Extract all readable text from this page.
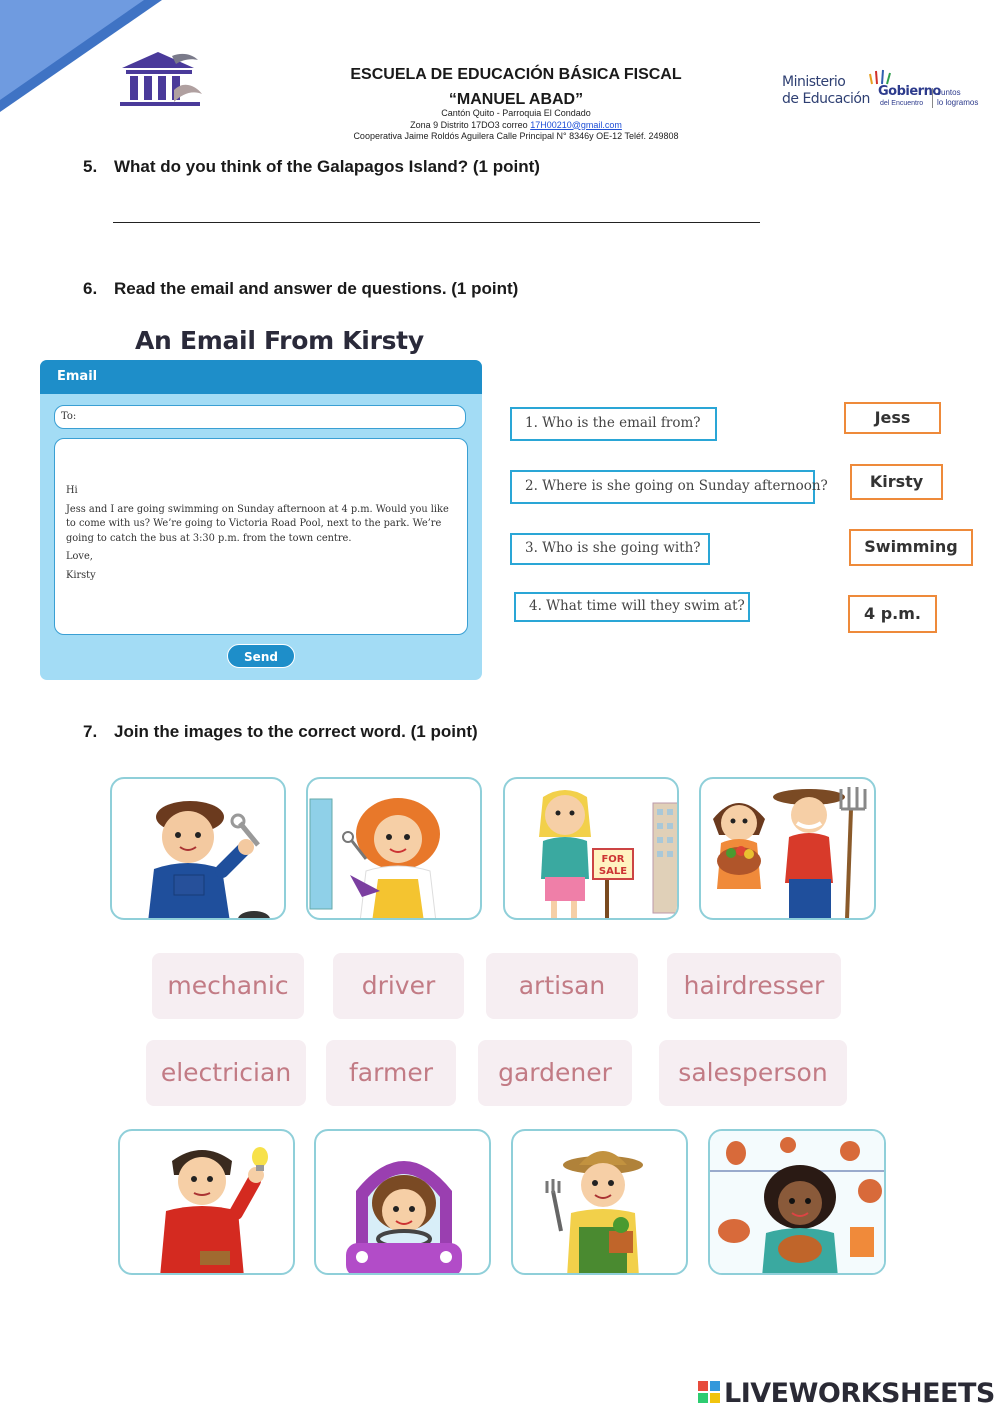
ESCUELA DE EDUCACIÓN BÁSICA FISCAL
“MANUEL ABAD”
Cantón Quito - Parroquia El Condado
Zona 9 Distrito 17DO3 correo 17H00210@gmail.com
Cooperativa Jaime Roldós Aguilera Calle Principal N° 8346y OE-12 Teléf. 249808
Ministerio
de Educación Gobierno
del Encuentro
Juntos
lo logramos
5. What do you think of the Galapagos Island? (1 point)
6. Read the email and answer de questions. (1 point)
An Email From Kirsty
Email
To:

Hi

Jess and I are going swimming on Sunday afternoon at 4 p.m. Would you like to come with us? We’re going to Victoria Road Pool, next to the park. We’re going to catch the bus at 3:30 p.m. from the town centre.

Love,

Kirsty

Send
1. Who is the email from?
2. Where is she going on Sunday afternoon?
3. Who is she going with?
4. What time will they swim at?
Jess
Kirsty
Swimming
4 p.m.
7. Join the images to the correct word. (1 point)
FOR
SALE
mechanic	driver	artisan	hairdresser
electrician	farmer	gardener	salesperson
LIVEWORKSHEETS
